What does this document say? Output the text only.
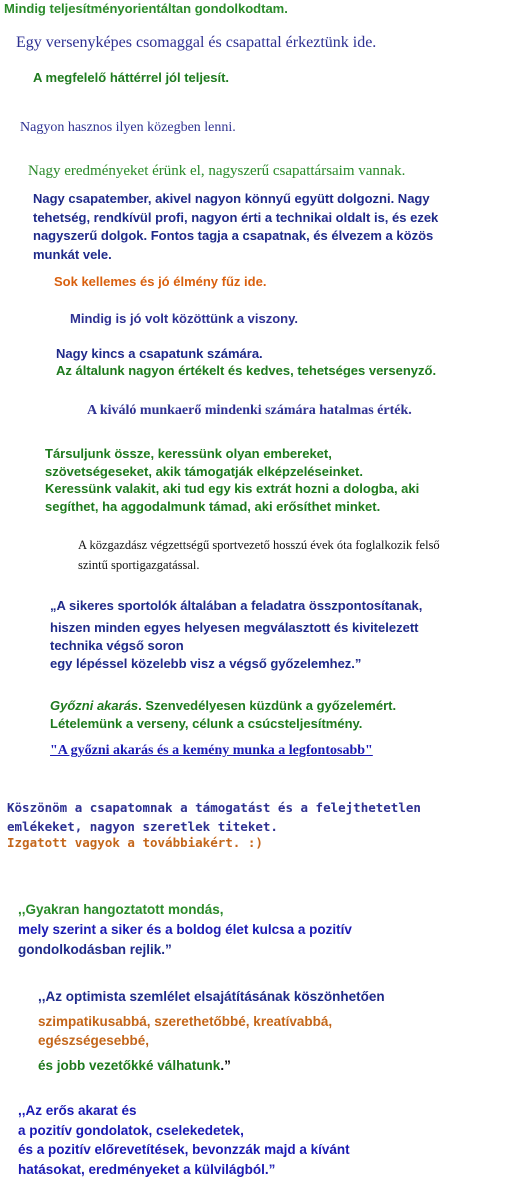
Mindig teljesítményorientáltan gondolkodtam.
Egy versenyképes csomaggal és csapattal érkeztünk ide.
A megfelelő háttérrel jól teljesít.
Nagyon hasznos ilyen közegben lenni.
Nagy eredményeket érünk el, nagyszerű csapattársaim vannak.
Nagy csapatember, akivel nagyon könnyű együtt dolgozni. Nagy
tehetség, rendkívül profi, nagyon érti a technikai oldalt is, és ezek
nagyszerű dolgok. Fontos tagja a csapatnak, és élvezem a közös
munkát vele.
Sok kellemes és jó élmény fűz ide.
Mindig is jó volt közöttünk a viszony.
Nagy kincs a csapatunk számára.
Az általunk nagyon értékelt és kedves, tehetséges versenyző.
A kiváló munkaerő mindenki számára hatalmas érték.
Társuljunk össze, keressünk olyan embereket,
szövetségeseket, akik támogatják elképzeléseinket.
Keressünk valakit, aki tud egy kis extrát hozni a dologba, aki
segíthet, ha aggodalmunk támad, aki erősíthet minket.
A közgazdász végzettségű sportvezető hosszú évek óta foglalkozik felső
szintű sportigazgatással.
„A sikeres sportolók általában a feladatra összpontosítanak,
hiszen minden egyes helyesen megválasztott és kivitelezett
technika végső soron
egy lépéssel közelebb visz a végső győzelemhez.”
Győzni akarás. Szenvedélyesen küzdünk a győzelemért.
Lételemünk a verseny, célunk a csúcsteljesítmény.
"A győzni akarás és a kemény munka a legfontosabb"
Köszönöm a csapatomnak a támogatást és a felejthetetlen
emlékeket, nagyon szeretlek titeket.
Izgatott vagyok a továbbiakért. :)
,,Gyakran hangoztatott mondás,
mely szerint a siker és a boldog élet kulcsa a pozitív
gondolkodásban rejlik.”
,,Az optimista szemlélet elsajátításának köszönhetően
szimpatikusabbá, szerethetőbbé, kreatívabbá,
egészségesebbé,
és jobb vezetőkké válhatunk.”
,,Az erős akarat és
a pozitív gondolatok, cselekedetek,
és a pozitív előrevetítések, bevonzzák majd a kívánt
hatásokat, eredményeket a külvilágból.”
